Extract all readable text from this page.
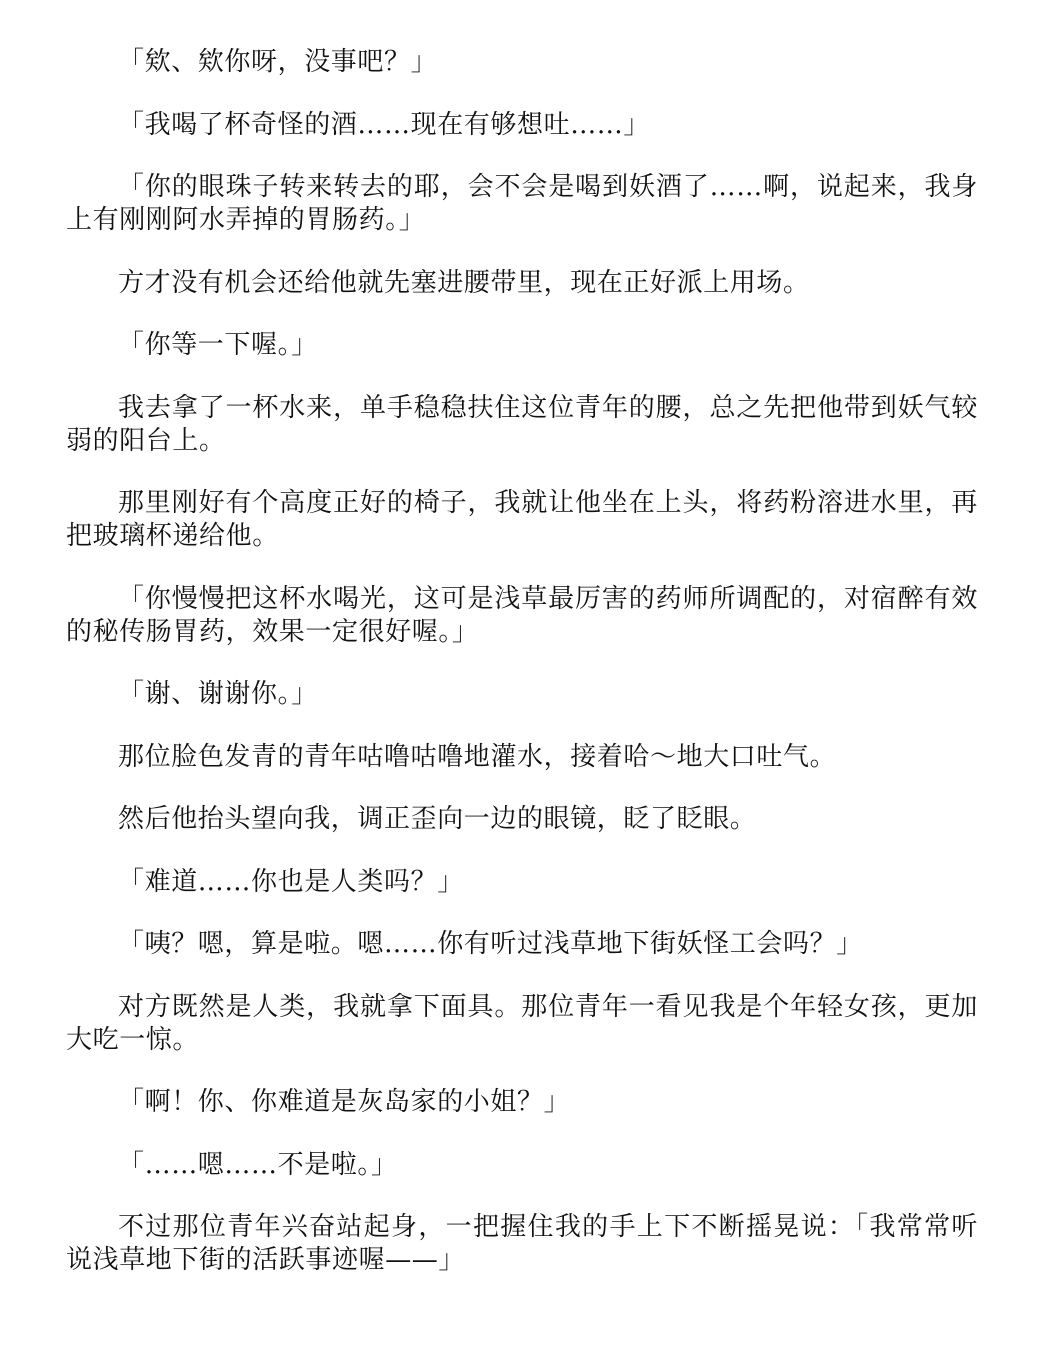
「欸、欸你呀，没事吧？」

「我喝了杯奇怪的酒……现在有够想吐……」

「你的眼珠子转来转去的耶，会不会是喝到妖酒了……啊，说起来，我身上有刚刚阿水弄掉的胃肠药。」

方才没有机会还给他就先塞进腰带里，现在正好派上用场。

「你等一下喔。」

我去拿了一杯水来，单手稳稳扶住这位青年的腰，总之先把他带到妖气较弱的阳台上。

那里刚好有个高度正好的椅子，我就让他坐在上头，将药粉溶进水里，再把玻璃杯递给他。

「你慢慢把这杯水喝光，这可是浅草最厉害的药师所调配的，对宿醉有效的秘传肠胃药，效果一定很好喔。」

「谢、谢谢你。」

那位脸色发青的青年咕噜咕噜地灌水，接着哈～地大口吐气。

然后他抬头望向我，调正歪向一边的眼镜，眨了眨眼。

「难道……你也是人类吗？」

「咦？嗯，算是啦。嗯……你有听过浅草地下街妖怪工会吗？」

对方既然是人类，我就拿下面具。那位青年一看见我是个年轻女孩，更加大吃一惊。

「啊！你、你难道是灰岛家的小姐？」

「……嗯……不是啦。」

不过那位青年兴奋站起身，一把握住我的手上下不断摇晃说：「我常常听说浅草地下街的活跃事迹喔——」
